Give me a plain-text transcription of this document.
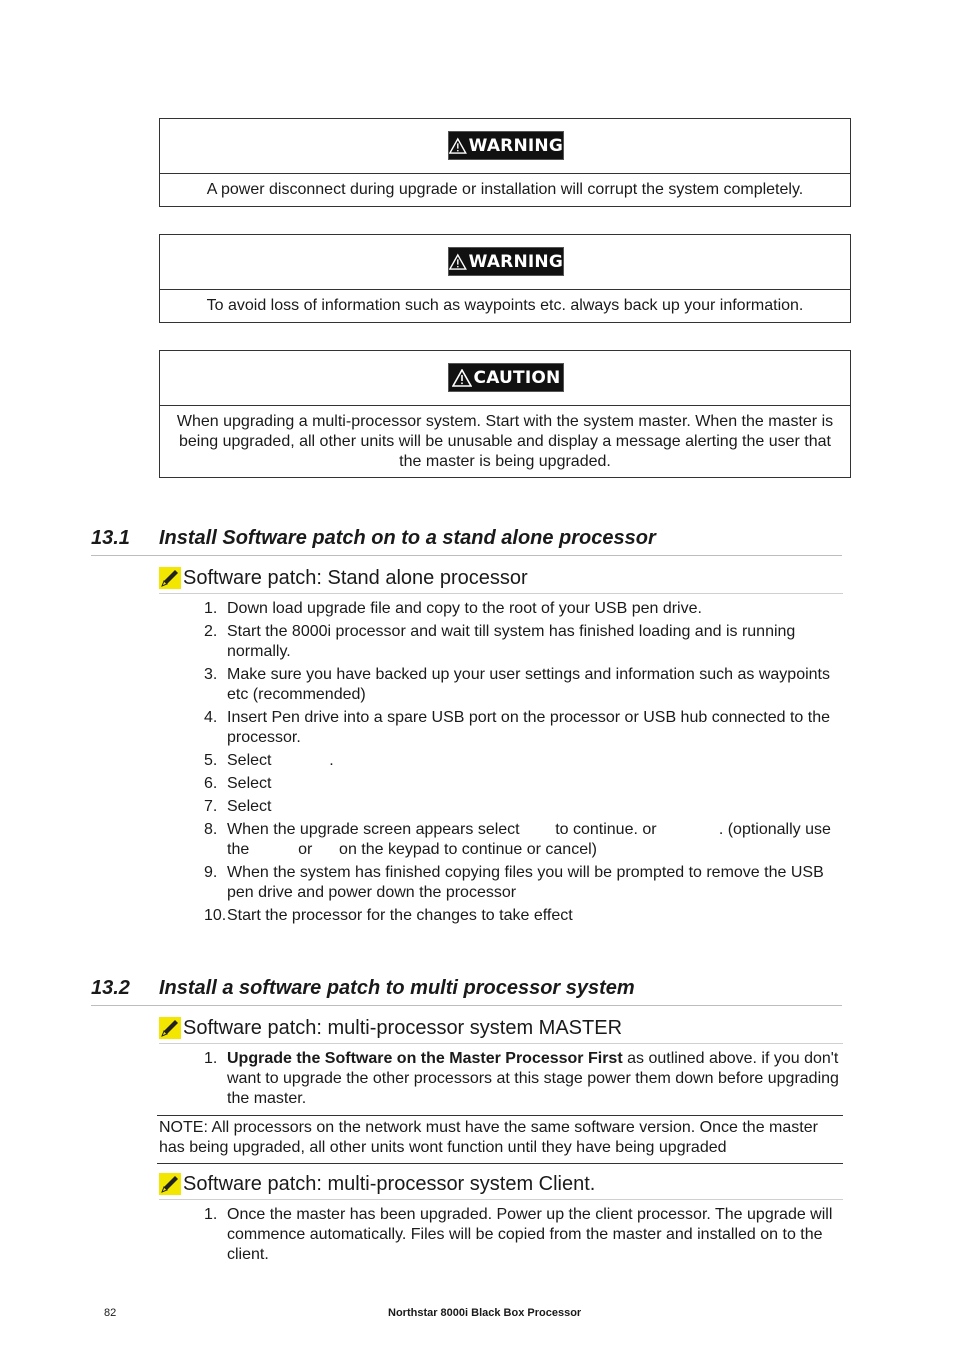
WARNING
A power disconnect during upgrade or installation will corrupt the system completely.
WARNING
To avoid loss of information such as waypoints etc. always back up your information.
CAUTION
When upgrading a multi-processor system. Start with the system master. When the master is being upgraded, all other units will be unusable and display a message alerting the user that the master is being upgraded.
13.1 Install Software patch on to a stand alone processor
Software patch: Stand alone processor
1. Down load upgrade file and copy to the root of your USB pen drive.
2. Start the 8000i processor and wait till system has finished loading and is running normally.
3. Make sure you have backed up your user settings and information such as waypoints etc (recommended)
4. Insert Pen drive into a spare USB port on the processor or USB hub connected to the processor.
5. Select             .
6. Select
7. Select
8. When the upgrade screen appears select        to continue. or              . (optionally use the           or      on the keypad to continue or cancel)
9. When the system has finished copying files you will be prompted to remove the USB pen drive and power down the processor
10. Start the processor for the changes to take effect
13.2 Install a software patch to multi processor system
Software patch: multi-processor system MASTER
1. Upgrade the Software on the Master Processor First as outlined above. if you don't want to upgrade the other processors at this stage power them down before upgrading the master.
NOTE: All processors on the network must have the same software version. Once the master has being upgraded, all other units wont function until they have being upgraded
Software patch: multi-processor system Client.
1. Once the master has been upgraded. Power up the client processor. The upgrade will commence automatically. Files will be copied from the master and installed on to the client.
82	Northstar 8000i Black Box Processor
